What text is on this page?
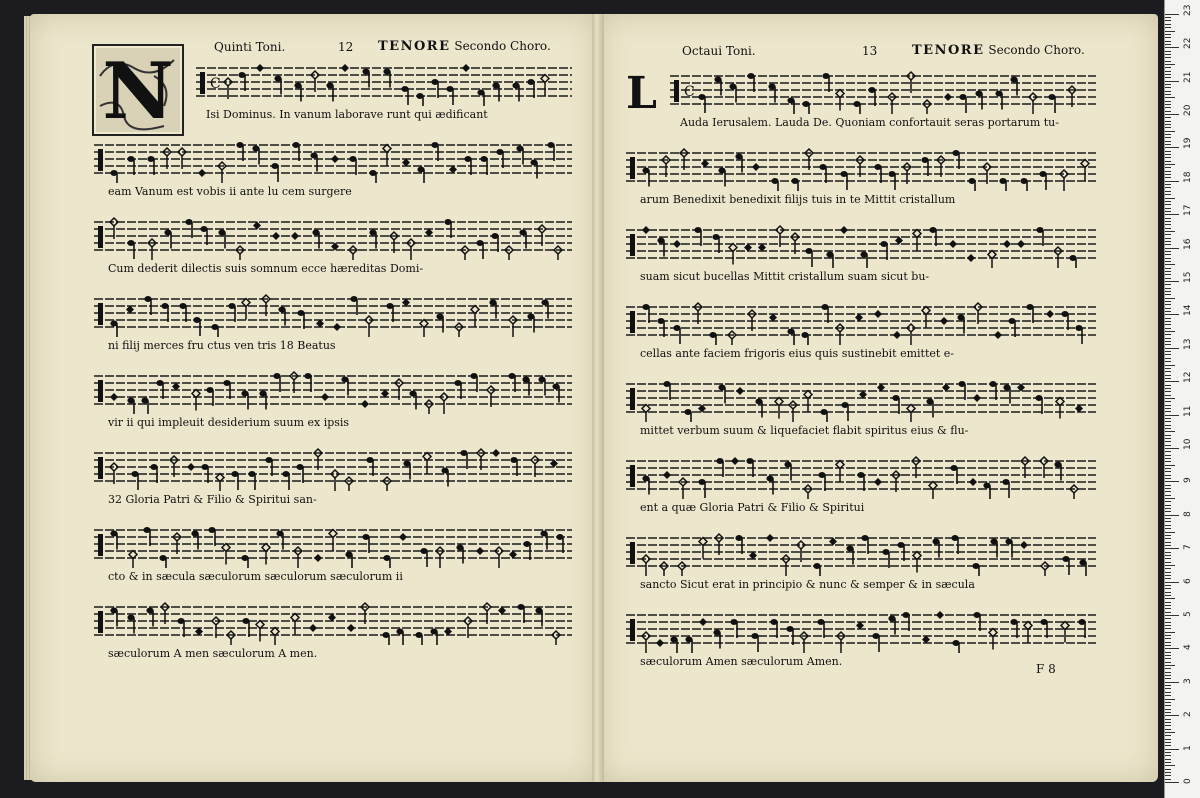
Quinti Toni.	12 TENORE Secondo Choro.
N	L
Octaui Toni.	13	TENORE Secondo Choro.
C
Isi Dominus. In vanum laborave runt qui ædificant
eam Vanum est vobis ii ante lu cem surgere
Cum dederit dilectis suis somnum ecce hæreditas Domi-
ni filij merces fru ctus ven tris 18 Beatus
vir ii qui impleuit desiderium suum ex ipsis
32 Gloria Patri & Filio & Spiritui san-
cto & in sæcula sæculorum sæculorum sæculorum ii
sæculorum A men sæculorum A men.
C
Auda Ierusalem. Lauda De. Quoniam confortauit seras portarum tu-
arum Benedixit benedixit filijs tuis in te Mittit cristallum
suam sicut bucellas Mittit cristallum suam sicut bu-
cellas ante faciem frigoris eius quis sustinebit emittet e-
mittet verbum suum & liquefaciet flabit spiritus eius & flu-
ent a quæ Gloria Patri & Filio & Spiritui
sancto Sicut erat in principio & nunc & semper & in sæcula
sæculorum Amen sæculorum Amen.
F 8
0
1
2
3
4
5
6
7
8
9
10
11
12
13
14
15
16
17
18
19
20
21
22
23
